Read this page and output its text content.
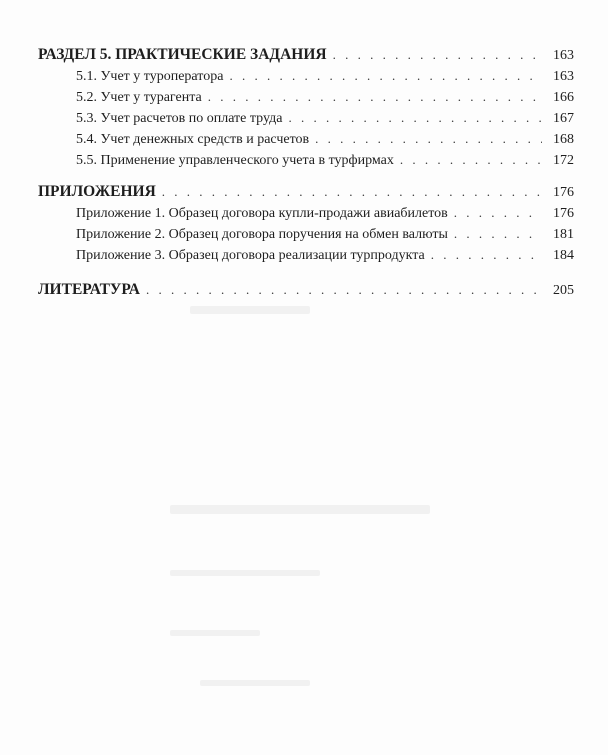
РАЗДЕЛ 5. ПРАКТИЧЕСКИЕ ЗАДАНИЯ . . .	163
5.1. Учет у туроператора . . .	163
5.2. Учет у турагента . . .	166
5.3. Учет расчетов по оплате труда . . .	167
5.4. Учет денежных средств и расчетов . . .	168
5.5. Применение управленческого учета в турфирмах . . .	172
ПРИЛОЖЕНИЯ . . .	176
Приложение 1. Образец договора купли-продажи авиабилетов . . .	176
Приложение 2. Образец договора поручения на обмен валюты . . .	181
Приложение 3. Образец договора реализации турпродукта . . .	184
ЛИТЕРАТУРА . . .	205
